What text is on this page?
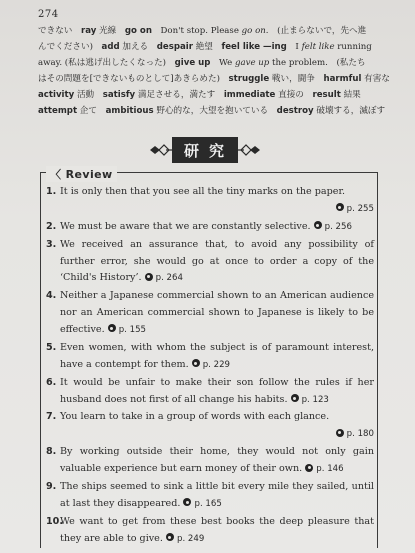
274
できない　ray 光線　go on　Don't stop. Please go on.　(止まらないで，先へ進
んでください)　add 加える　despair 絶望　feel like —ing　I felt like running
away. (私は逃げ出したくなった)　give up　We gave up the problem.　(私たち
はその問題を[できないものとして]あきらめた)　struggle 戦い，闘争　harmful 有害な
activity 活動　satisfy 満足させる，満たす　immediate 直接の　result 結果
attempt 企て　ambitious 野心的な，大望を抱いている　destroy 破壊する，滅ぼす
研究
〈 Review
1. It is only then that you see all the tiny marks on the paper.
p. 255
2. We must be aware that we are constantly selective. p. 256
3. We received an assurance that, to avoid any possibility of further error, she would go at once to order a copy of the ‘Child's History’. p. 264
4. Neither a Japanese commercial shown to an American audience nor an American commercial shown to Japanese is likely to be effective. p. 155
5. Even women, with whom the subject is of paramount interest, have a contempt for them. p. 229
6. It would be unfair to make their son follow the rules if her husband does not first of all change his habits. p. 123
7. You learn to take in a group of words with each glance.
p. 180
8. By working outside their home, they would not only gain valuable experience but earn money of their own. p. 146
9. The ships seemed to sink a little bit every mile they sailed, until at last they disappeared. p. 165
10.
We want to get from these best books the deep pleasure that they are able to give. p. 249
